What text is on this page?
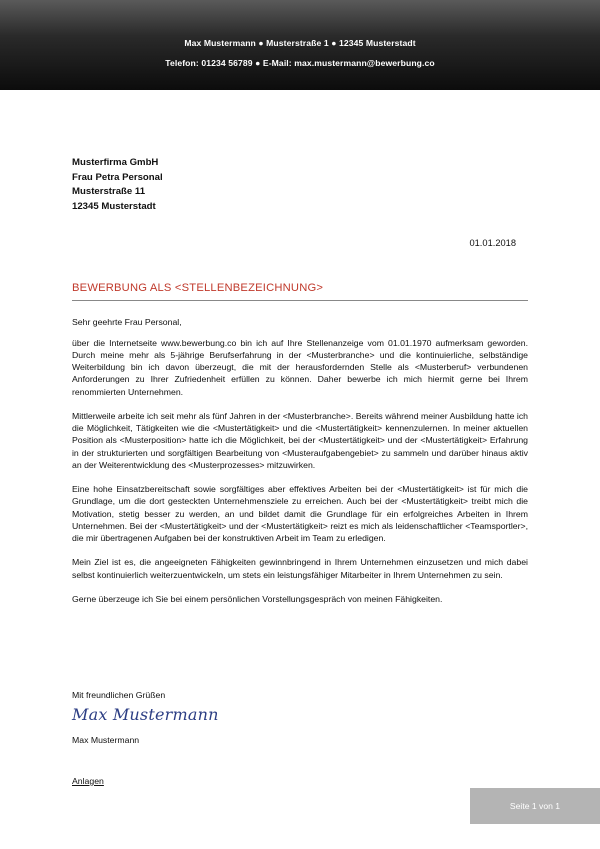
Max Mustermann ● Musterstraße 1 ● 12345 Musterstadt
Telefon: 01234 56789 ● E-Mail: max.mustermann@bewerbung.co
Musterfirma GmbH
Frau Petra Personal
Musterstraße 11
12345 Musterstadt
01.01.2018
BEWERBUNG ALS <STELLENBEZEICHNUNG>

Sehr geehrte Frau Personal,

über die Internetseite www.bewerbung.co bin ich auf Ihre Stellenanzeige vom 01.01.1970 aufmerksam geworden. Durch meine mehr als 5-jährige Berufserfahrung in der <Musterbranche> und die kontinuierliche, selbständige Weiterbildung bin ich davon überzeugt, die mit der herausfordernden Stelle als <Musterberuf> verbundenen Anforderungen zu Ihrer Zufriedenheit erfüllen zu können. Daher bewerbe ich mich hiermit gerne bei Ihrem renommierten Unternehmen.

Mittlerweile arbeite ich seit mehr als fünf Jahren in der <Musterbranche>. Bereits während meiner Ausbildung hatte ich die Möglichkeit, Tätigkeiten wie die <Mustertätigkeit> und die <Mustertätigkeit> kennenzulernen. In meiner aktuellen Position als <Musterposition> hatte ich die Möglichkeit, bei der <Mustertätigkeit> und der <Mustertätigkeit> Erfahrung in der strukturierten und sorgfältigen Bearbeitung von <Musteraufgabengebiet> zu sammeln und darüber hinaus aktiv an der Weiterentwicklung des <Musterprozesses> mitzuwirken.

Eine hohe Einsatzbereitschaft sowie sorgfältiges aber effektives Arbeiten bei der <Mustertätigkeit> ist für mich die Grundlage, um die dort gesteckten Unternehmensziele zu erreichen. Auch bei der <Mustertätigkeit> treibt mich die Motivation, stetig besser zu werden, an und bildet damit die Grundlage für ein erfolgreiches Arbeiten in Ihrem Unternehmen. Bei der <Mustertätigkeit> und der <Mustertätigkeit> reizt es mich als leidenschaftlicher <Teamsportler>, die mir übertragenen Aufgaben bei der konstruktiven Arbeit im Team zu erledigen.

Mein Ziel ist es, die angeeigneten Fähigkeiten gewinnbringend in Ihrem Unternehmen einzusetzen und mich dabei selbst kontinuierlich weiterzuentwickeln, um stets ein leistungsfähiger Mitarbeiter in Ihrem Unternehmen zu sein.

Gerne überzeuge ich Sie bei einem persönlichen Vorstellungsgespräch von meinen Fähigkeiten.

Mit freundlichen Grüßen
Max Mustermann
Max Mustermann
Anlagen
Seite 1 von 1
